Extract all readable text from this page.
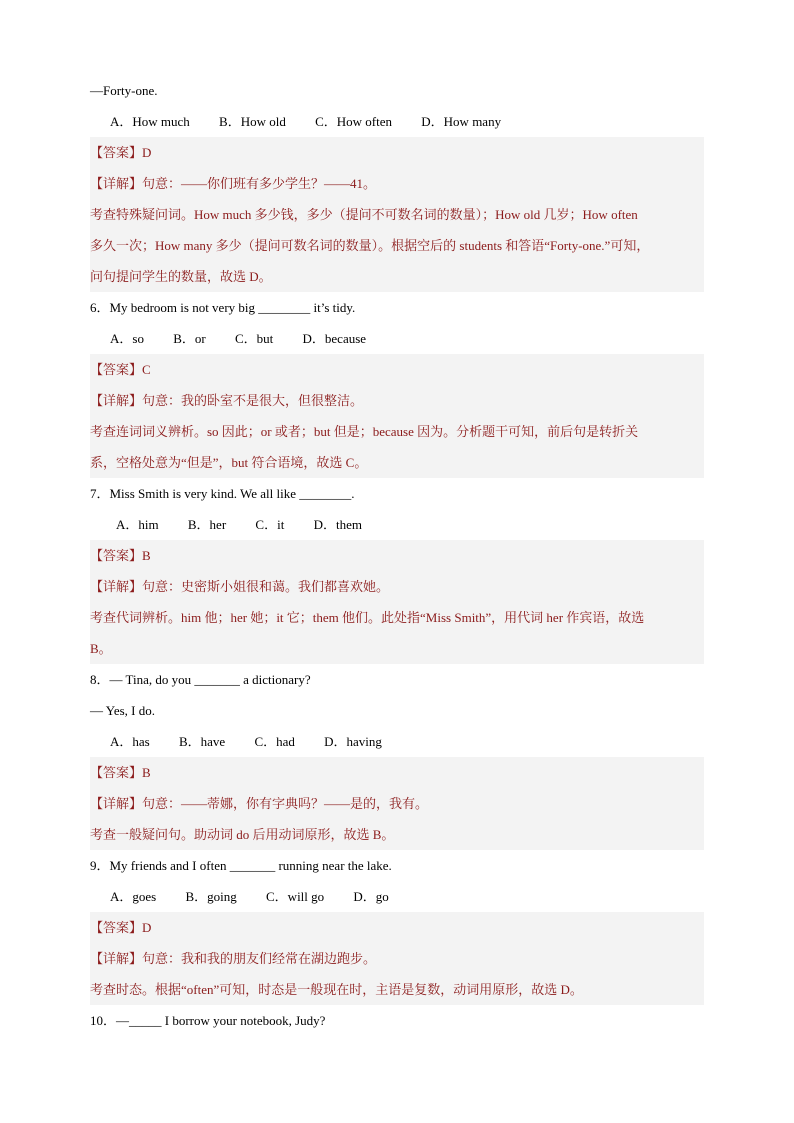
—Forty-one.
A．How much B．How old C．How often D．How many
【答案】D
【详解】句意：——你们班有多少学生？——41。
考查特殊疑问词。How much 多少钱，多少（提问不可数名词的数量）；How old 几岁；How often
多久一次；How many 多少（提问可数名词的数量）。根据空后的 students 和答语“Forty-one.”可知，
问句提问学生的数量，故选 D。
6．My bedroom is not very big ________ it’s tidy.
A．so B．or C．but D．because
【答案】C
【详解】句意：我的卧室不是很大，但很整洁。
考查连词词义辨析。so 因此；or 或者；but 但是；because 因为。分析题干可知，前后句是转折关
系，空格处意为“但是”，but 符合语境，故选 C。
7．Miss Smith is very kind. We all like ________.
A．him B．her C．it D．them
【答案】B
【详解】句意：史密斯小姐很和蔼。我们都喜欢她。
考查代词辨析。him 他；her 她；it 它；them 他们。此处指“Miss Smith”，用代词 her 作宾语，故选
B。
8．— Tina, do you _______ a dictionary?
— Yes, I do.
A．has B．have C．had D．having
【答案】B
【详解】句意：——蒂娜，你有字典吗？——是的，我有。
考查一般疑问句。助动词 do 后用动词原形，故选 B。
9．My friends and I often _______ running near the lake.
A．goes B．going C．will go D．go
【答案】D
【详解】句意：我和我的朋友们经常在湖边跑步。
考查时态。根据“often”可知，时态是一般现在时，主语是复数，动词用原形，故选 D。
10．—_____ I borrow your notebook, Judy?
